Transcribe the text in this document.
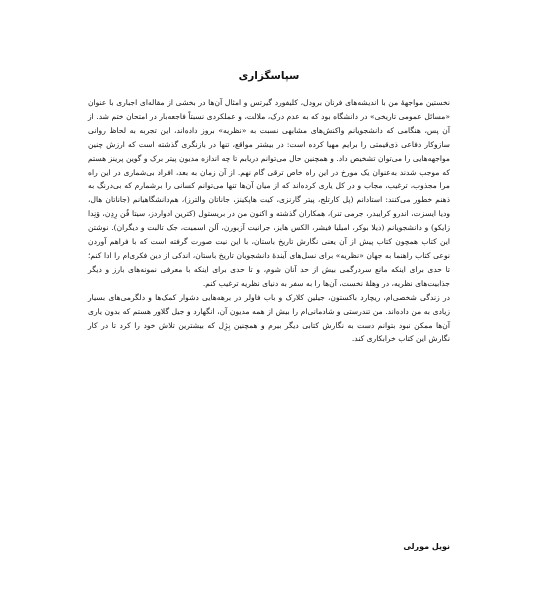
سپاسگزاری

نخستین مواجههٔ من با اندیشه‌های فرنان برودل، کلیفورد گیرتس و امثال آن‌ها در بخشی از مقاله‌ای اجباری با عنوان «مسائل عمومی تاریخی» در دانشگاه بود که به عدم درک، ملالت، و عملکردی نسبتاً فاجعه‌بار در امتحان ختم شد. از آن پس، هنگامی که دانشجویانم واکنش‌های مشابهی نسبت به «نظریه» بروز داده‌اند، این تجربه به لحاظ روانی سازوکار دفاعی ذی‌قیمتی را برایم مهیا کرده است: در بیشتر مواقع، تنها در بازنگری گذشته است که ارزش چنین مواجهه‌هایی را می‌توان تشخیص داد. و همچنین حال می‌توانم دریابم تا چه اندازه مدیون پیتر برک و گوین پرینز هستم که موجب شدند به‌عنوان یک مورخ در این راه خاص ترقی گام نهم. از آن زمان به بعد، افراد بی‌شماری در این راه مرا مجذوب، ترغیب، مجاب و در کل یاری کرده‌اند که از میان آن‌ها تنها می‌توانم کسانی را برشمارم که بی‌درنگ به ذهنم خطور می‌کنند: استادانم (پل کارتلج، پیتر گارنزی، کیت هاپکینز، جاناتان والترز)، هم‌دانشگاهیانم (جاناتان هال، ودیا ایسزت، اندرو کرایبدر، جرمی تنر)، همکاران گذشته و اکنون من در بریستول (کترین ادواردز، سیتا فُن رِدِن، وَنِدا زایکو) و دانشجویانم (دیلا بوکر، امیلیا فیشر، الکس هایز، جرانیت آزبورن، آلن اسمیت، جک تالبت و دیگران). نوشتن این کتاب همچون کتاب پیش از آن یعنی نگارش تاریخ باستان، با این نیت صورت گرفته است که با فراهم آوردن نوعی کتاب راهنما به جهان «نظریه» برای نسل‌های آیندهٔ دانشجویان تاریخ باستان، اندکی از دین فکری‌ام را ادا کنم؛ تا حدی برای اینکه مانع سردرگمی بیش از حد آنان شوم، و تا حدی برای اینکه با معرفی نمونه‌های بارز و دیگر جذابیت‌های نظریه، در وهلهٔ نخست، آن‌ها را به سفر به دنیای نظریه ترغیب کنم.

در زندگی شخصی‌ام، ریچارد باکستون، جیلین کلارک و باب فاولر در برهه‌هایی دشوار کمک‌ها و دلگرمی‌های بسیار زیادی به من داده‌اند. من تندرستی و شادمانی‌ام را بیش از همه مدیون آن، انگهارد و جیل گلاور هستم که بدون یاری آن‌ها ممکن نبود بتوانم دست به نگارش کتابی دیگر بیرم و همچنین بِژِل که بیشترین تلاش خود را کرد تا در کار نگارش این کتاب خرابکاری کند.

نویل مورلی
